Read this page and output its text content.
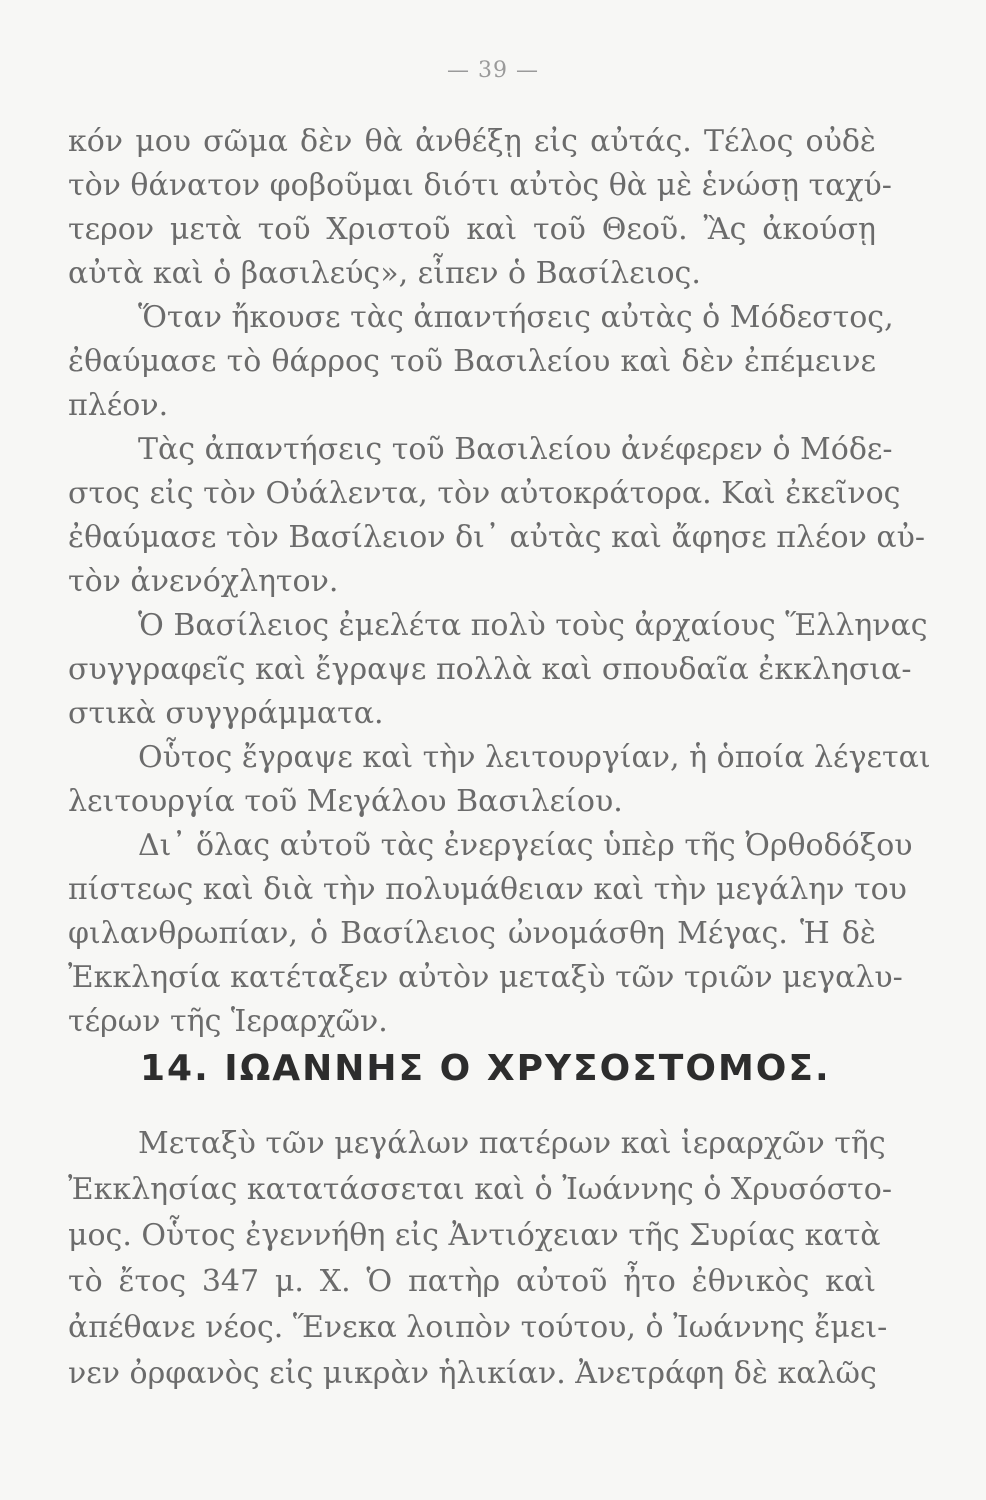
— 39 —
κόν μου σῶμα δὲν θὰ ἀνθέξῃ εἰς αὐτάς. Τέλος οὐδὲ
τὸν θάνατον φοβοῦμαι διότι αὐτὸς θὰ μὲ ἑνώσῃ ταχύ-
τερον μετὰ τοῦ Χριστοῦ καὶ τοῦ Θεοῦ. Ἂς ἀκούσῃ
αὐτὰ καὶ ὁ βασιλεύς», εἶπεν ὁ Βασίλειος.
Ὅταν ἤκουσε τὰς ἀπαντήσεις αὐτὰς ὁ Μόδεστος,
ἐθαύμασε τὸ θάρρος τοῦ Βασιλείου καὶ δὲν ἐπέμεινε
πλέον.
Τὰς ἀπαντήσεις τοῦ Βασιλείου ἀνέφερεν ὁ Μόδε-
στος εἰς τὸν Οὐάλεντα, τὸν αὐτοκράτορα. Καὶ ἐκεῖνος
ἐθαύμασε τὸν Βασίλειον δι᾿ αὐτὰς καὶ ἄφησε πλέον αὐ-
τὸν ἀνενόχλητον.
Ὁ Βασίλειος ἐμελέτα πολὺ τοὺς ἀρχαίους Ἕλληνας
συγγραφεῖς καὶ ἔγραψε πολλὰ καὶ σπουδαῖα ἐκκλησια-
στικὰ συγγράμματα.
Οὗτος ἔγραψε καὶ τὴν λειτουργίαν, ἡ ὁποία λέγεται
λειτουργία τοῦ Μεγάλου Βασιλείου.
Δι᾿ ὅλας αὐτοῦ τὰς ἐνεργείας ὑπὲρ τῆς Ὀρθοδόξου
πίστεως καὶ διὰ τὴν πολυμάθειαν καὶ τὴν μεγάλην του
φιλανθρωπίαν, ὁ Βασίλειος ὠνομάσθη Μέγας. Ἡ δὲ
Ἐκκλησία κατέταξεν αὐτὸν μεταξὺ τῶν τριῶν μεγαλυ-
τέρων τῆς Ἱεραρχῶν.
14. ΙΩΑΝΝΗΣ Ο ΧΡΥΣΟΣΤΟΜΟΣ.
Μεταξὺ τῶν μεγάλων πατέρων καὶ ἱεραρχῶν τῆς
Ἐκκλησίας κατατάσσεται καὶ ὁ Ἰωάννης ὁ Χρυσόστο-
μος. Οὗτος ἐγεννήθη εἰς Ἀντιόχειαν τῆς Συρίας κατὰ
τὸ ἔτος 347 μ. Χ. Ὁ πατὴρ αὐτοῦ ἦτο ἐθνικὸς καὶ
ἀπέθανε νέος. Ἕνεκα λοιπὸν τούτου, ὁ Ἰωάννης ἔμει-
νεν ὀρφανὸς εἰς μικρὰν ἡλικίαν. Ἀνετράφη δὲ καλῶς
